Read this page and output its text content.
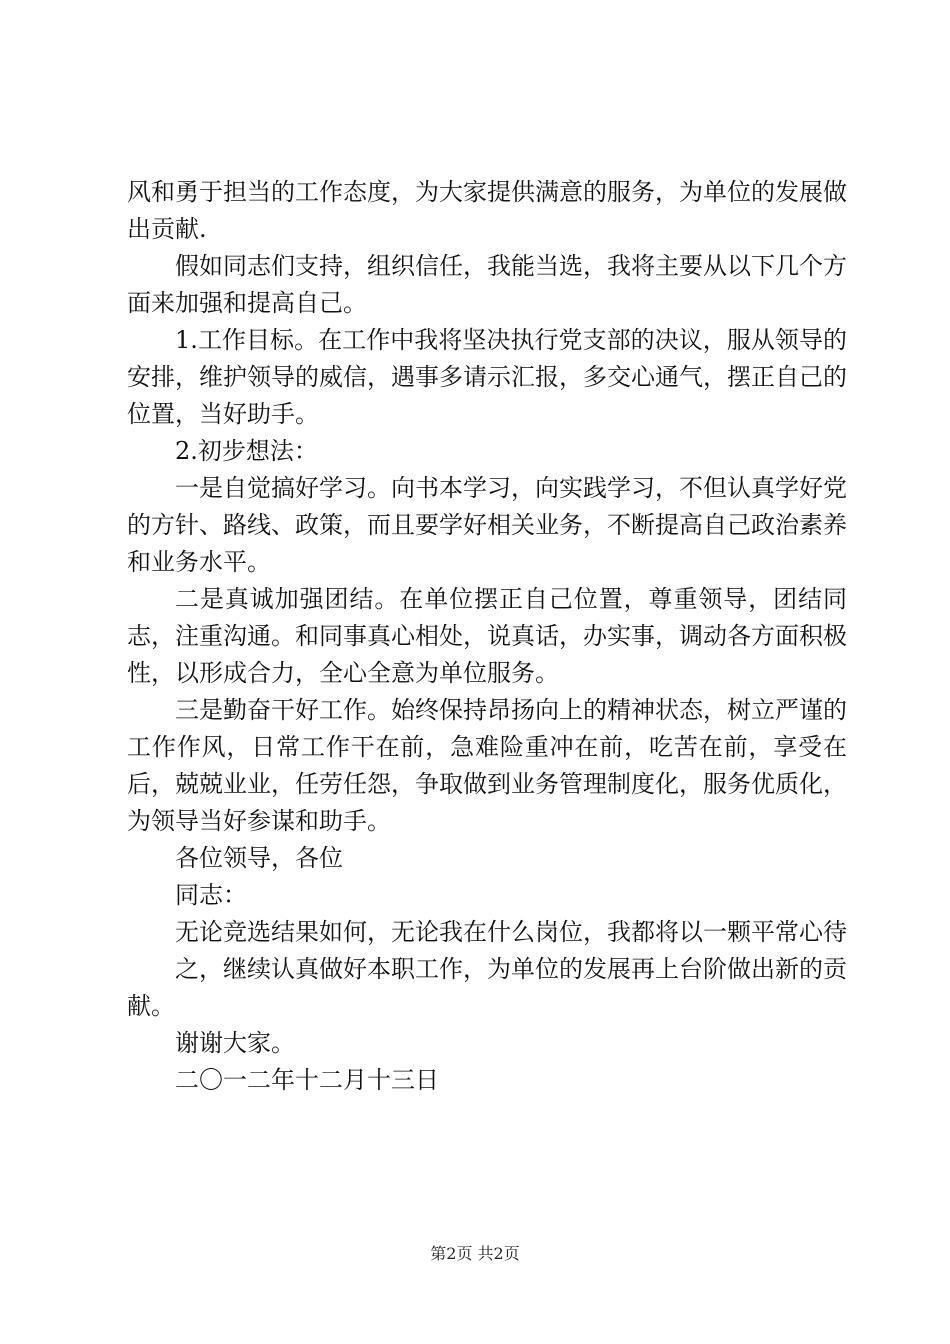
风和勇于担当的工作态度，为大家提供满意的服务，为单位的发展做出贡献.

假如同志们支持，组织信任，我能当选，我将主要从以下几个方面来加强和提高自己。

1.工作目标。在工作中我将坚决执行党支部的决议，服从领导的安排，维护领导的威信，遇事多请示汇报，多交心通气，摆正自己的位置，当好助手。

2.初步想法：

一是自觉搞好学习。向书本学习，向实践学习，不但认真学好党的方针、路线、政策，而且要学好相关业务，不断提高自己政治素养和业务水平。

二是真诚加强团结。在单位摆正自己位置，尊重领导，团结同志，注重沟通。和同事真心相处，说真话，办实事，调动各方面积极性，以形成合力，全心全意为单位服务。

三是勤奋干好工作。始终保持昂扬向上的精神状态，树立严谨的工作作风，日常工作干在前，急难险重冲在前，吃苦在前，享受在后，兢兢业业，任劳任怨，争取做到业务管理制度化，服务优质化，为领导当好参谋和助手。

各位领导，各位

同志：

无论竞选结果如何，无论我在什么岗位，我都将以一颗平常心待

之，继续认真做好本职工作，为单位的发展再上台阶做出新的贡献。

谢谢大家。

二〇一二年十二月十三日

第2页 共2页
